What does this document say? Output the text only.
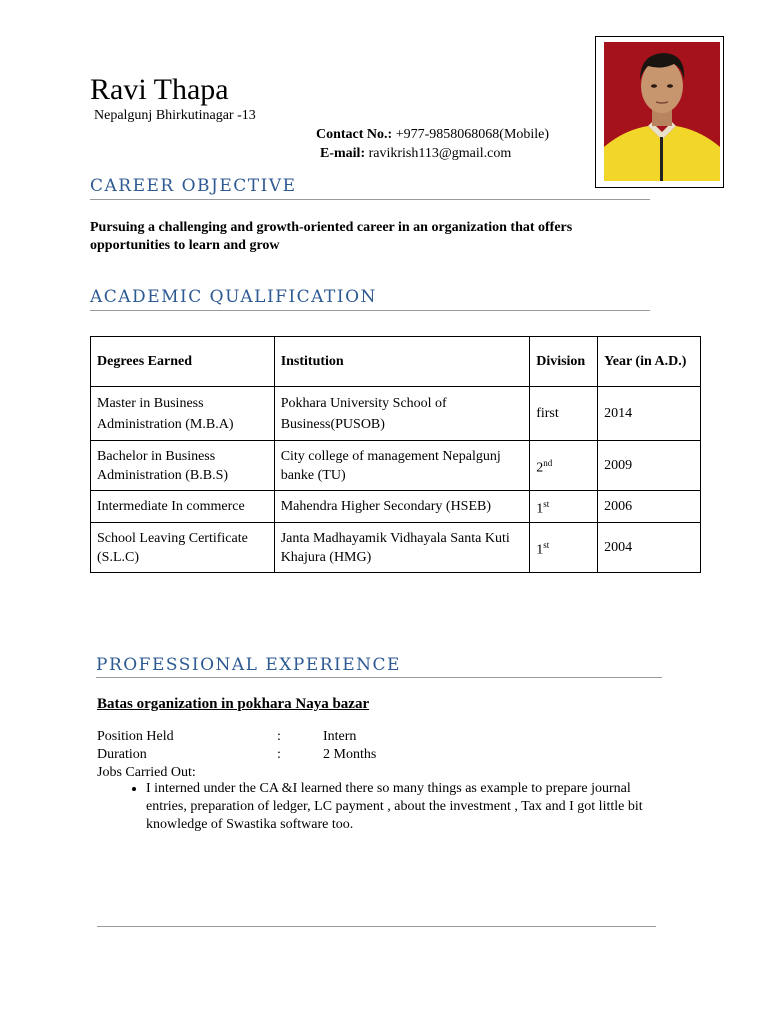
Ravi Thapa
Nepalgunj Bhirkutinagar -13
Contact No.: +977-9858068068(Mobile)
E-mail: ravikrish113@gmail.com
CAREER OBJECTIVE
Pursuing a challenging and growth-oriented career in an organization that offers opportunities to learn and grow
ACADEMIC QUALIFICATION
Degrees Earned	Institution	Division	Year (in A.D.)
Master in Business Administration (M.B.A)	Pokhara University School of Business(PUSOB)	first	2014
Bachelor in Business Administration (B.B.S)	City college of management Nepalgunj banke (TU)	2nd	2009
Intermediate In commerce	Mahendra Higher Secondary (HSEB)	1st	2006
School Leaving Certificate (S.L.C)	Janta Madhayamik Vidhayala Santa Kuti Khajura (HMG)	1st	2004
PROFESSIONAL EXPERIENCE
Batas organization in pokhara Naya bazar
Position Held	:	Intern
Duration	:	2 Months
Jobs Carried Out:
• I interned under the CA &I learned there so many things as example to prepare journal entries, preparation of ledger, LC payment , about the investment , Tax and I got little bit knowledge of Swastika software too.
